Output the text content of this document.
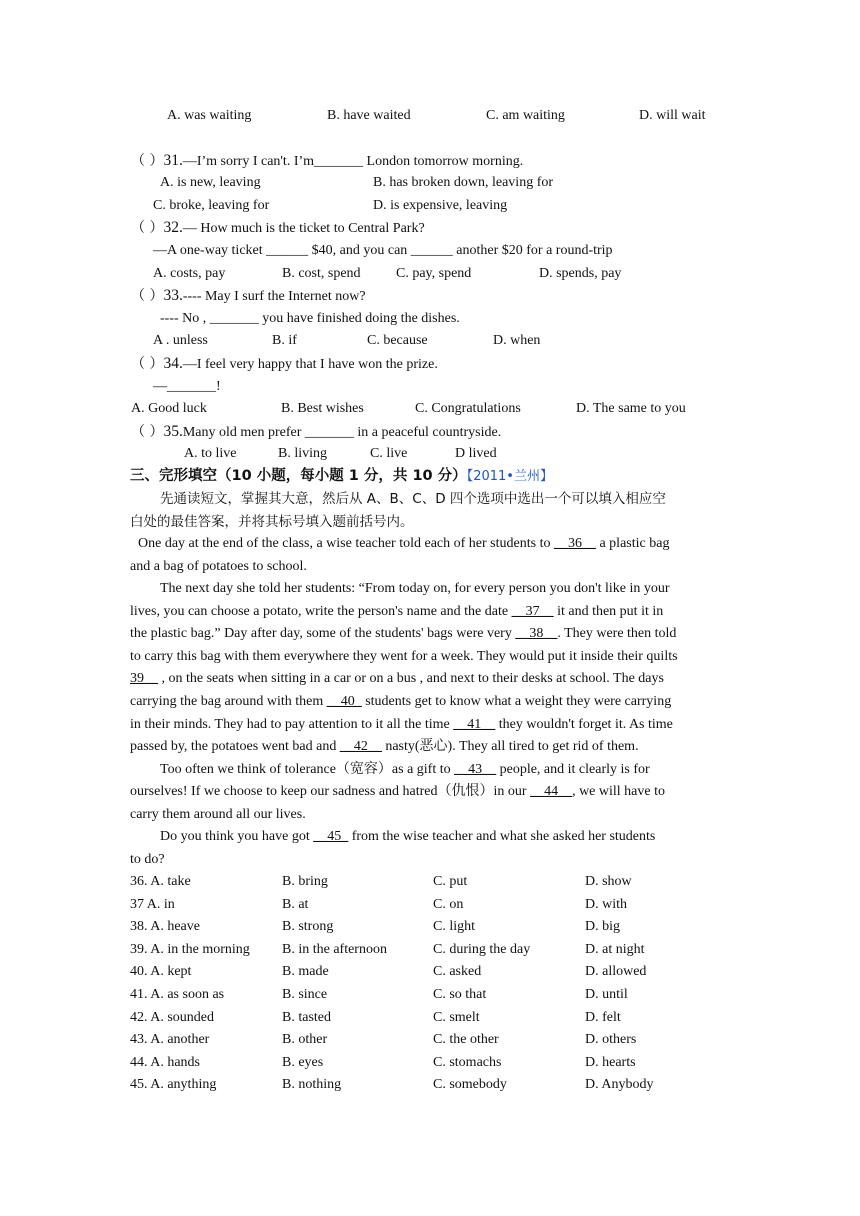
A. was waiting	B. have waited	C. am waiting	D. will wait
（ ）31.—I’m sorry I can't. I’m_______ London tomorrow morning.
A. is new, leaving	B. has broken down, leaving for
C. broke, leaving for	D. is expensive, leaving
（ ）32.— How much is the ticket to Central Park?
—A one-way ticket ______ $40, and you can ______ another $20 for a round-trip
A. costs, pay	B. cost, spend	C. pay, spend	D. spends, pay
（ ）33.---- May I surf the Internet now?
---- No , _______ you have finished doing the dishes.
A . unless	B. if	C. because	D. when
（ ）34.—I feel very happy that I have won the prize.
—_______!
A. Good luck	B. Best wishes	C. Congratulations	D. The same to you
（ ）35.Many old men prefer _______ in a peaceful countryside.
A. to live	B. living	C. live	D lived
三、完形填空（10 小题，每小题 1 分，共 10 分）【2011•兰州】
先通读短文，掌握其大意，然后从 A、B、C、D 四个选项中选出一个可以填入相应空
白处的最佳答案，并将其标号填入题前括号内。
One day at the end of the class, a wise teacher told each of her students to __36__ a plastic bag
and a bag of potatoes to school.
The next day she told her students: “From today on, for every person you don't like in your
lives, you can choose a potato, write the person's name and the date __37__ it and then put it in
the plastic bag.” Day after day, some of the students' bags were very __38__. They were then told
to carry this bag with them everywhere they went for a week. They would put it inside their quilts
39__ , on the seats when sitting in a car or on a bus , and next to their desks at school. The days
carrying the bag around with them __40_ students get to know what a weight they were carrying
in their minds. They had to pay attention to it all the time __41__ they wouldn't forget it. As time
passed by, the potatoes went bad and __42__ nasty(恶心). They all tired to get rid of them.
Too often we think of tolerance（宽容）as a gift to __43__ people, and it clearly is for
ourselves! If we choose to keep our sadness and hatred（仇恨）in our __44__, we will have to
carry them around all our lives.
Do you think you have got __45_ from the wise teacher and what she asked her students
to do?
36. A. take	B. bring	C. put	D. show
37 A. in	B. at	C. on	D. with
38. A. heave	B. strong	C. light	D. big
39. A. in the morning B. in the afternoon	C. during the day	D. at night
40. A. kept	B. made	C. asked	D. allowed
41. A. as soon as	B. since	C. so that	D. until
42. A. sounded	B. tasted	C. smelt	D. felt
43. A. another	B. other	C. the other	D. others
44. A. hands	B. eyes	C. stomachs	D. hearts
45. A. anything	B. nothing	C. somebody	D. Anybody
